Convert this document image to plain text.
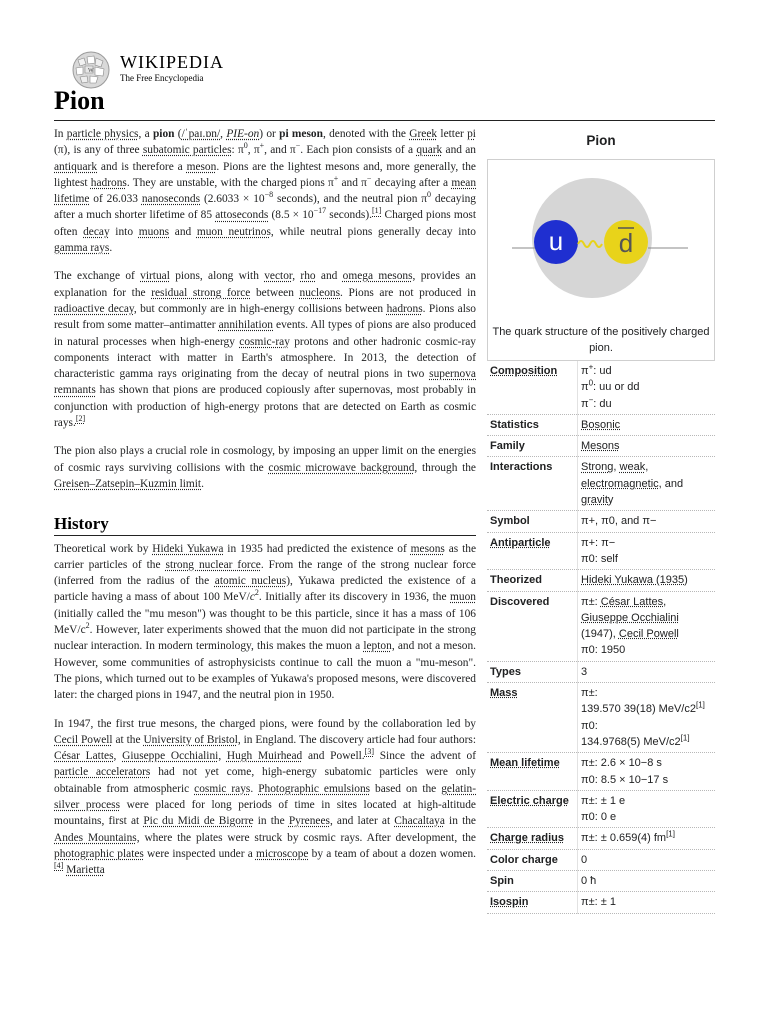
W WIKIPEDIA
The Free Encyclopedia
Pion

In particle physics, a pion (/ˈpaɪ.ɒn/, PIE-on) or pi meson, denoted with the Greek letter pi (π), is any of three subatomic particles: $\pi^0$, π+, and π−. Each pion consists of a quark and an antiquark and is therefore a meson. Pions are the lightest mesons and, more generally, the lightest hadrons. They are unstable, with the charged pions π+ and π− decaying after a mean lifetime of 26.033 nanoseconds ($2.6033 \times 10^{-8}$ seconds), and the neutral pion $\pi^0$ decaying after a much shorter lifetime of 85 attoseconds ($8.5 \times 10^{-17}$ seconds).[1] Charged pions most often decay into muons and muon neutrinos, while neutral pions generally decay into gamma rays.

The exchange of virtual pions, along with vector, rho and omega mesons, provides an explanation for the residual strong force between nucleons. Pions are not produced in radioactive decay, but commonly are in high-energy collisions between hadrons. Pions also result from some matter–antimatter annihilation events. All types of pions are also produced in natural processes when high-energy cosmic-ray protons and other hadronic cosmic-ray components interact with matter in Earth's atmosphere. In 2013, the detection of characteristic gamma rays originating from the decay of neutral pions in two supernova remnants has shown that pions are produced copiously after supernovas, most probably in conjunction with production of high-energy protons that are detected on Earth as cosmic rays.[2]

The pion also plays a crucial role in cosmology, by imposing an upper limit on the energies of cosmic rays surviving collisions with the cosmic microwave background, through the Greisen–Zatsepin–Kuzmin limit.

History

Theoretical work by Hideki Yukawa in 1935 had predicted the existence of mesons as the carrier particles of the strong nuclear force. From the range of the strong nuclear force (inferred from the radius of the atomic nucleus), Yukawa predicted the existence of a particle having a mass of about 100 MeV/$c^2$. Initially after its discovery in 1936, the muon (initially called the "mu meson") was thought to be this particle, since it has a mass of 106 MeV/$c^2$. However, later experiments showed that the muon did not participate in the strong nuclear interaction. In modern terminology, this makes the muon a lepton, and not a meson. However, some communities of astrophysicists continue to call the muon a "mu-meson". The pions, which turned out to be examples of Yukawa's proposed mesons, were discovered later: the charged pions in 1947, and the neutral pion in 1950.

In 1947, the first true mesons, the charged pions, were found by the collaboration led by Cecil Powell at the University of Bristol, in England. The discovery article had four authors: César Lattes, Giuseppe Occhialini, Hugh Muirhead and Powell.[3] Since the advent of particle accelerators had not yet come, high-energy subatomic particles were only obtainable from atmospheric cosmic rays. Photographic emulsions based on the gelatin-silver process were placed for long periods of time in sites located at high-altitude mountains, first at Pic du Midi de Bigorre in the Pyrenees, and later at Chacaltaya in the Andes Mountains, where the plates were struck by cosmic rays. After development, the photographic plates were inspected under a microscope by a team of about a dozen women.[4] Marietta

Pion
u d
The quark structure of the positively charged pion.
Composition	π+: ud
$\pi^0$: uu or dd
π−: du

Statistics	Bosonic
Family	Mesons
Interactions	Strong, weak, electromagnetic, and gravity
Symbol	π+, π0, and π−
Antiparticle	π+: π−
π0: self

Theorized	Hideki Yukawa (1935)
Discovered	π±: César Lattes, Giuseppe Occhialini (1947), Cecil Powell
π0: 1950

Types	3
Mass	π±:
139.570 39(18) MeV/c2[1]
π0:
134.9768(5) MeV/c2[1]

Mean lifetime	π±: 2.6 × 10−8 s
π0: 8.5 × 10−17 s

Electric charge	π±: ± 1 e
π0: 0 e

Charge radius	π±: ± 0.659(4) fm[1]
Color charge	0
Spin	0 ħ
Isospin	π±: ± 1
